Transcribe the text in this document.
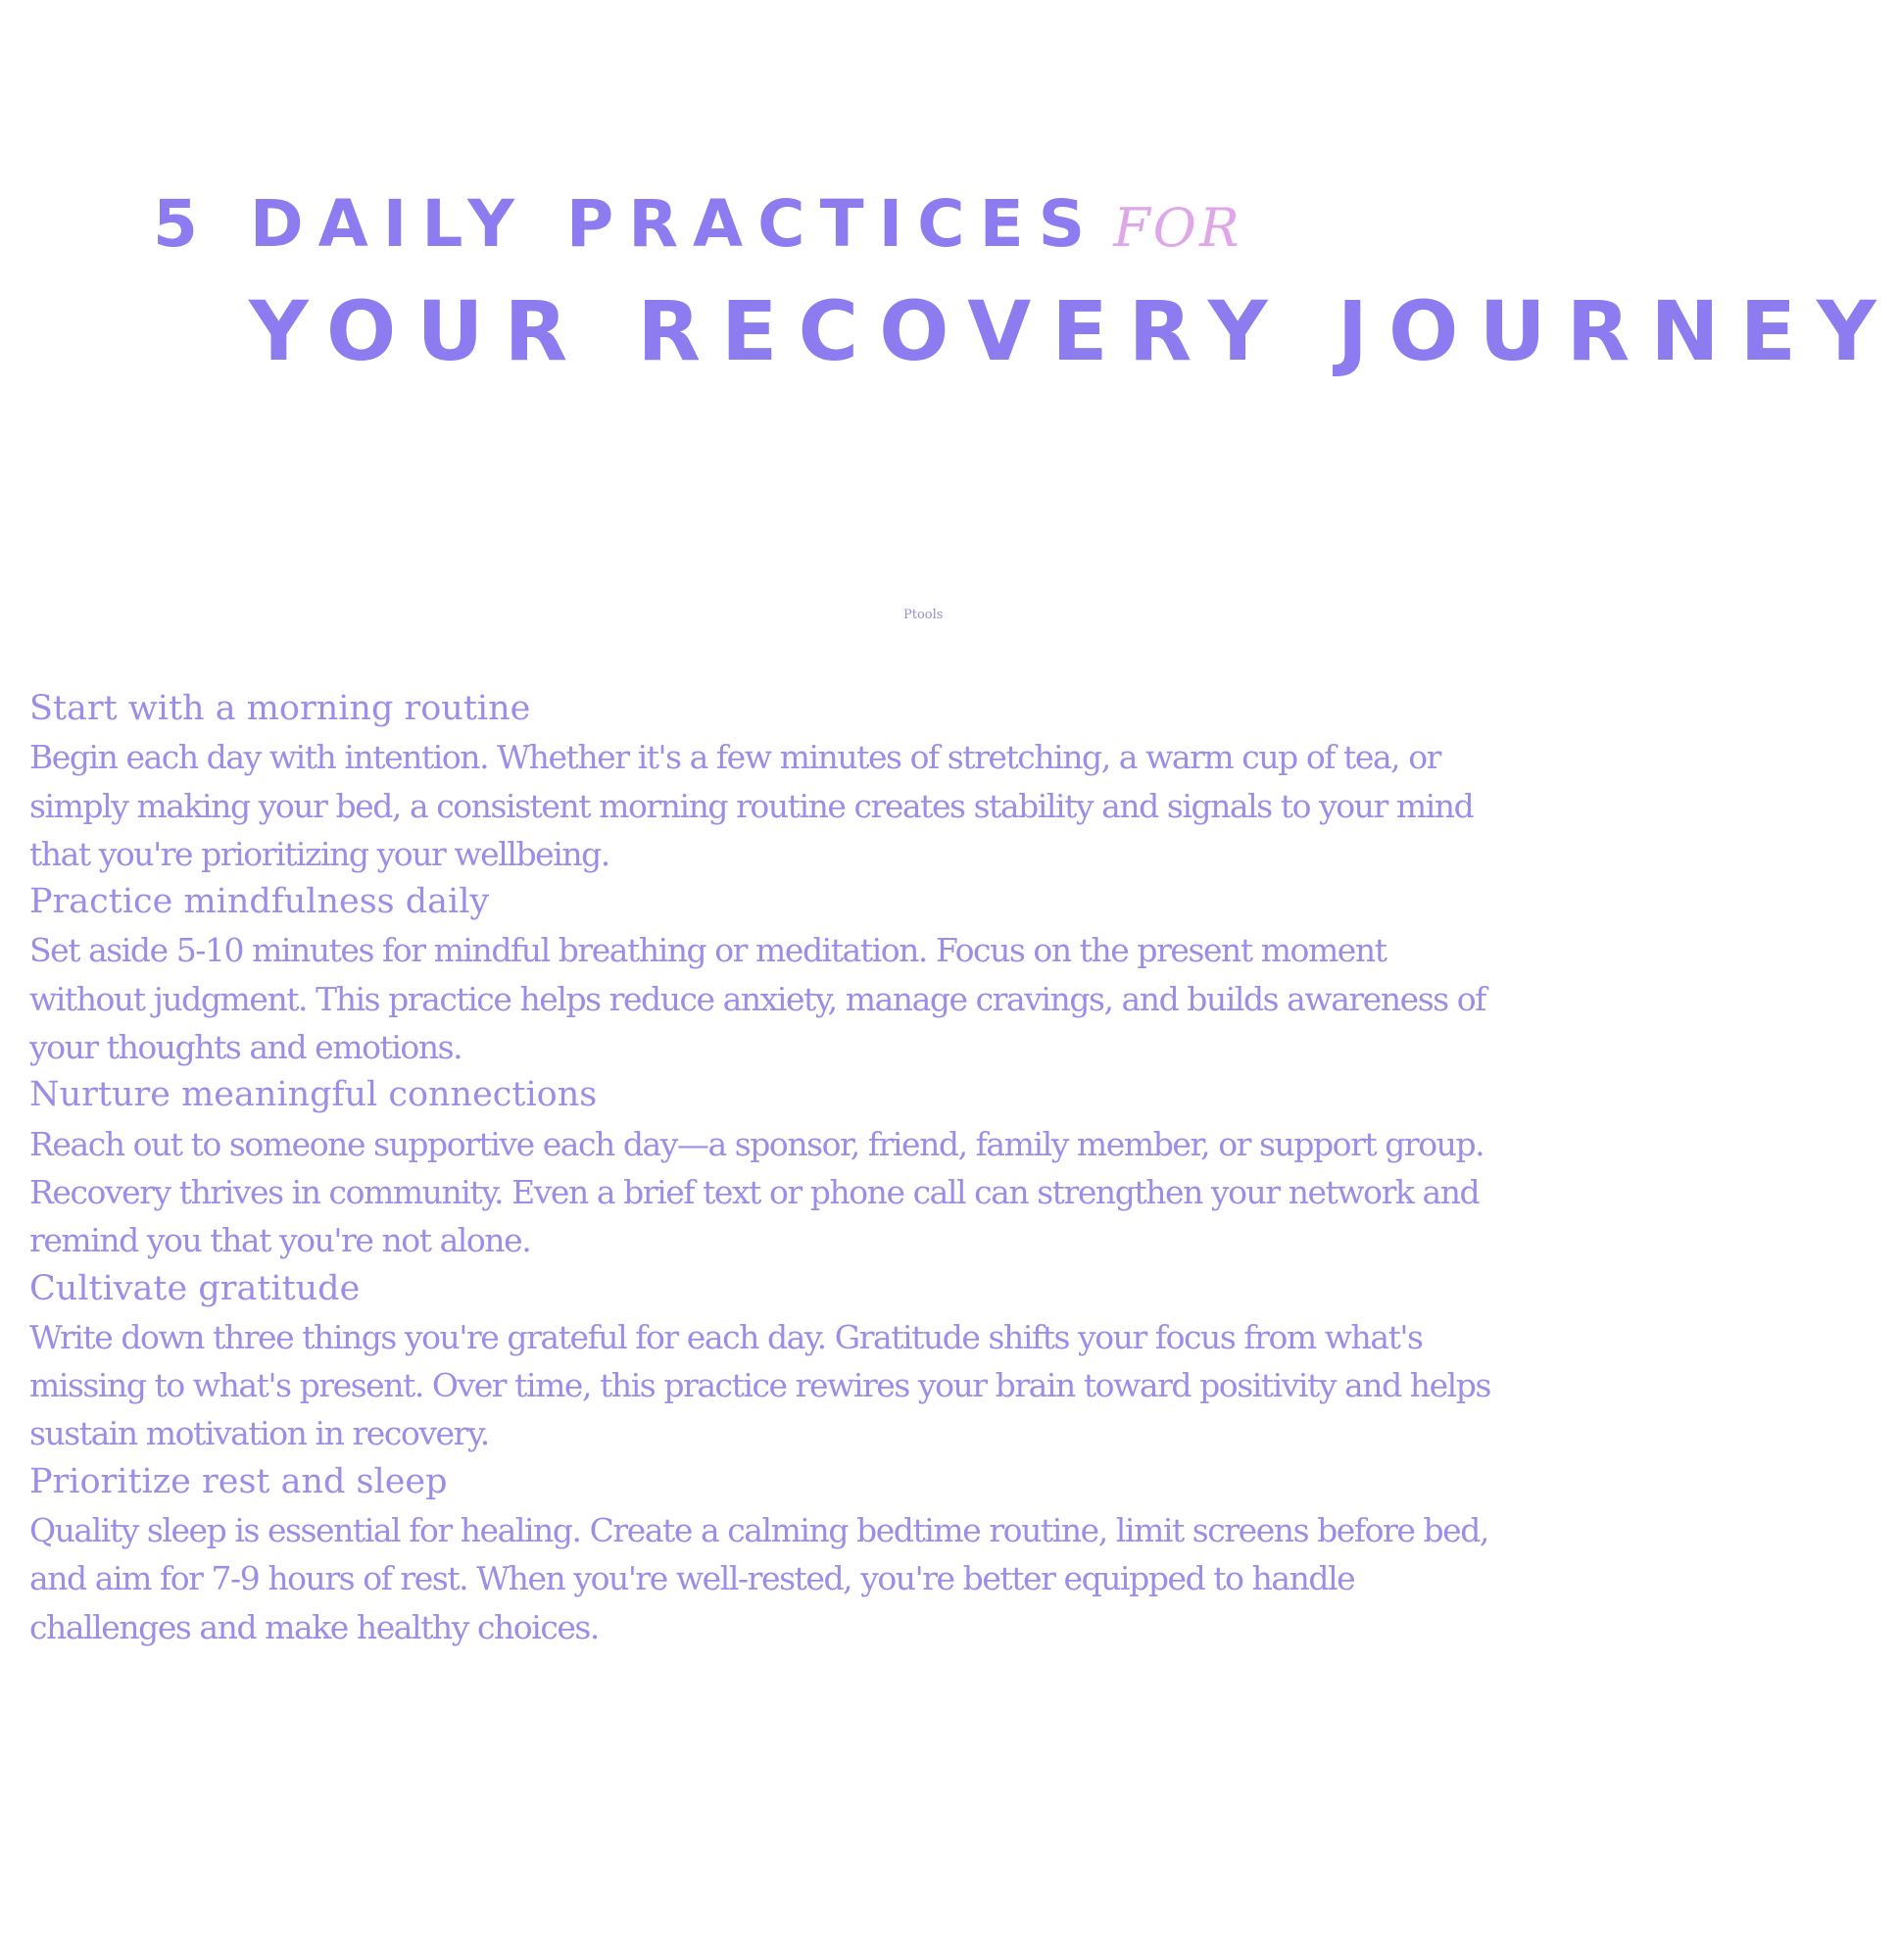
5 DAILY PRACTICES FOR
YOUR RECOVERY JOURNEY
Ptools

Start with a morning routine

Begin each day with intention. Whether it's a few minutes of stretching, a warm cup of tea, or simply making your bed, a consistent morning routine creates stability and signals to your mind that you're prioritizing your wellbeing.

Practice mindfulness daily

Set aside 5-10 minutes for mindful breathing or meditation. Focus on the present moment without judgment. This practice helps reduce anxiety, manage cravings, and builds awareness of your thoughts and emotions.

Nurture meaningful connections

Reach out to someone supportive each day—a sponsor, friend, family member, or support group. Recovery thrives in community. Even a brief text or phone call can strengthen your network and remind you that you're not alone.

Cultivate gratitude

Write down three things you're grateful for each day. Gratitude shifts your focus from what's missing to what's present. Over time, this practice rewires your brain toward positivity and helps sustain motivation in recovery.

Prioritize rest and sleep

Quality sleep is essential for healing. Create a calming bedtime routine, limit screens before bed, and aim for 7-9 hours of rest. When you're well-rested, you're better equipped to handle challenges and make healthy choices.
